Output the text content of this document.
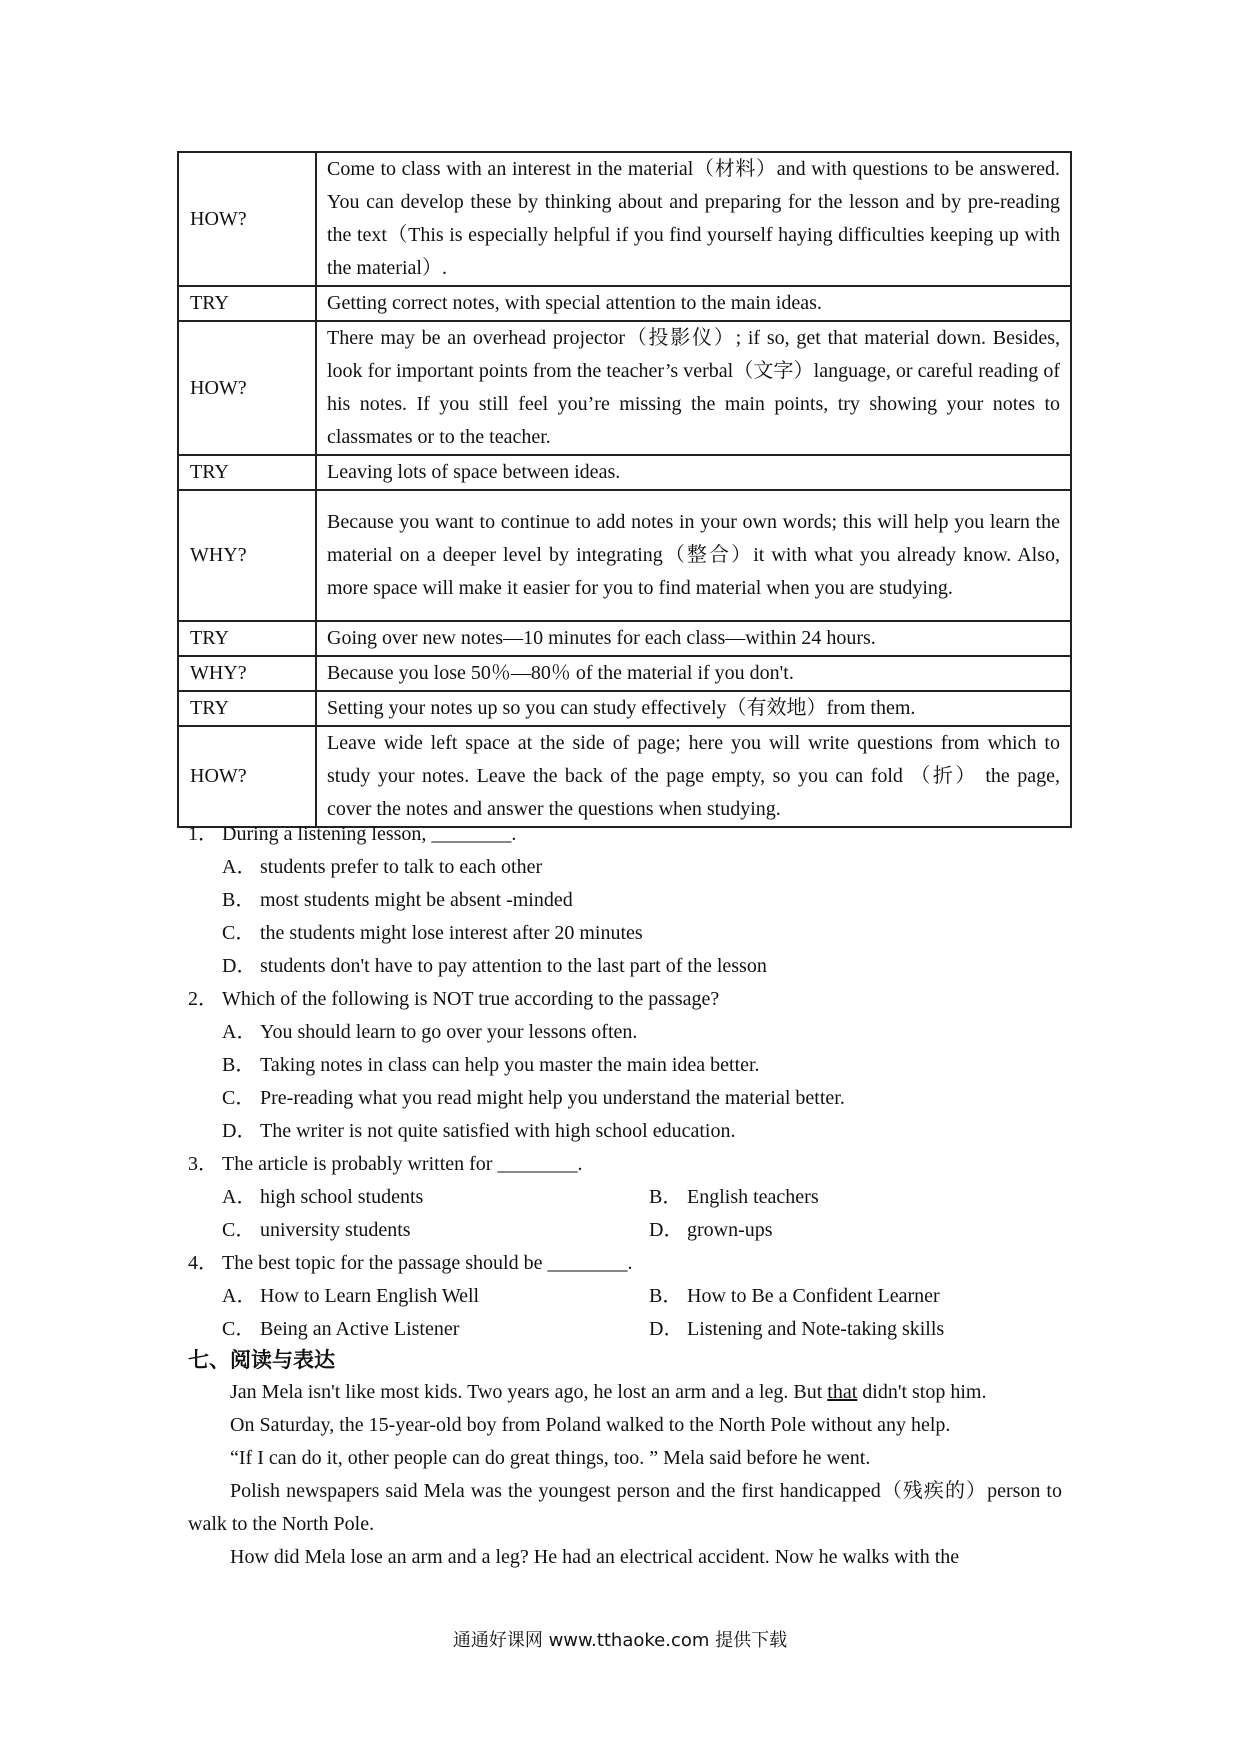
HOW?	Come to class with an interest in the material（材料）and with questions to be answered. You can develop these by thinking about and preparing for the lesson and by pre-reading the text（This is especially helpful if you find yourself haying difficulties keeping up with the material）.
TRY	Getting correct notes, with special attention to the main ideas.
HOW?	There may be an overhead projector（投影仪）; if so, get that material down. Besides, look for important points from the teacher’s verbal（文字）language, or careful reading of his notes. If you still feel you’re missing the main points, try showing your notes to classmates or to the teacher.
TRY	Leaving lots of space between ideas.
WHY?	Because you want to continue to add notes in your own words; this will help you learn the material on a deeper level by integrating（整合）it with what you already know. Also, more space will make it easier for you to find material when you are studying.
TRY	Going over new notes—10 minutes for each class—within 24 hours.
WHY?	Because you lose 50％—80％ of the material if you don't.
TRY	Setting your notes up so you can study effectively（有效地）from them.
HOW?	Leave wide left space at the side of page; here you will write questions from which to study your notes. Leave the back of the page empty, so you can fold （折） the page, cover the notes and answer the questions when studying.

1． During a listening lesson, ________.

A． students prefer to talk to each other

B． most students might be absent -minded

C． the students might lose interest after 20 minutes

D． students don't have to pay attention to the last part of the lesson

2． Which of the following is NOT true according to the passage?

A． You should learn to go over your lessons often.

B． Taking notes in class can help you master the main idea better.

C． Pre-reading what you read might help you understand the material better.

D． The writer is not quite satisfied with high school education.

3． The article is probably written for ________.

A． high school students	B． English teachers
C． university students	D． grown-ups

4． The best topic for the passage should be ________.

A． How to Learn English Well	B． How to Be a Confident Learner
C． Being an Active Listener	D． Listening and Note-taking skills
七、阅读与表达

Jan Mela isn't like most kids. Two years ago, he lost an arm and a leg. But that didn't stop him.

On Saturday, the 15-year-old boy from Poland walked to the North Pole without any help.

“If I can do it, other people can do great things, too. ” Mela said before he went.

Polish newspapers said Mela was the youngest person and the first handicapped（残疾的）person to walk to the North Pole.

How did Mela lose an arm and a leg? He had an electrical accident. Now he walks with the

通通好课网 www.tthaoke.com 提供下载
